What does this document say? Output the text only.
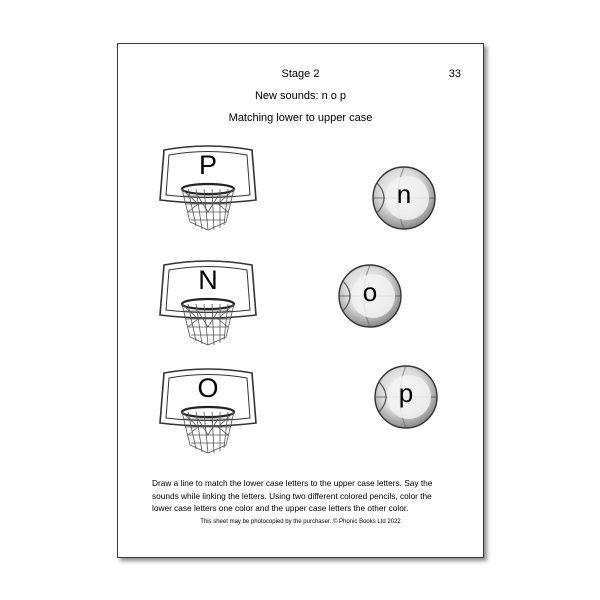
33
Stage 2
New sounds: n o p
Matching lower to upper case
P
N
O
n
o
p
Draw a line to match the lower case letters to the upper case letters. Say the sounds while linking the letters. Using two different colored pencils, color the lower case letters one color and the upper case letters the other color.
This sheet may be photocopied by the purchaser. © Phonic Books Ltd 2022
